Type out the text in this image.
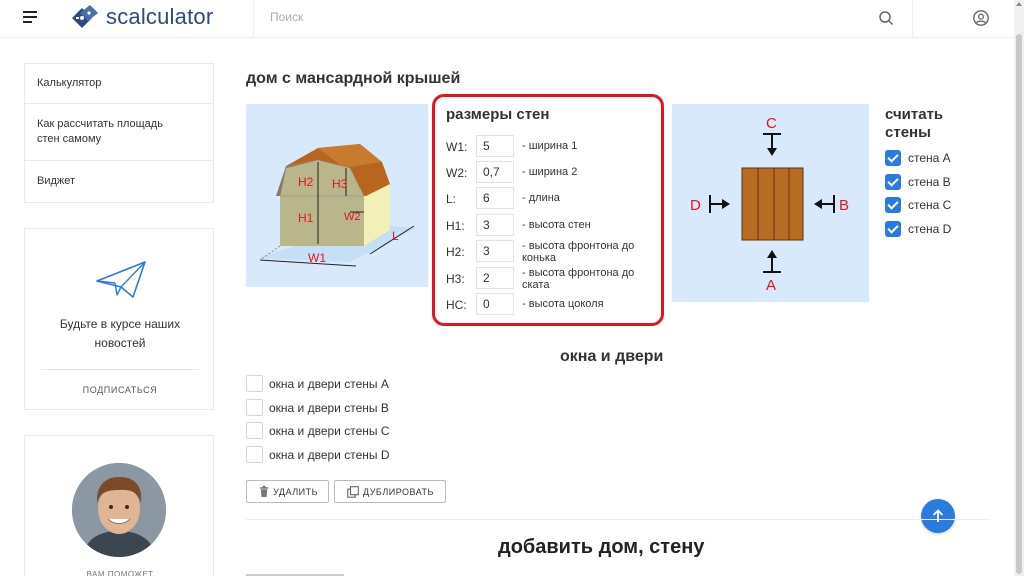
scalculator
Поиск
Калькулятор
Как рассчитать площадь стен самому
Виджет
Будьте в курсе наших новостей
ПОДПИСАТЬСЯ
ВАМ ПОМОЖЕТ
дом с мансардной крышей
H2 H3
H1	W2
W1
L
размеры стен
W1:
5	- ширина 1
W2:
0,7	- ширина 2
L:
6	- длина
H1:
3	- высота стен
H2:
3	- высота фронтона до конька
H3:
2	- высота фронтона до ската
HC:
0	- высота цоколя
C
A
D	B
считать стены
стена А
стена В
стена С
стена D
окна и двери
окна и двери стены A
окна и двери стены B
окна и двери стены C
окна и двери стены D
УДАЛИТЬ	ДУБЛИРОВАТЬ
добавить дом, стену
